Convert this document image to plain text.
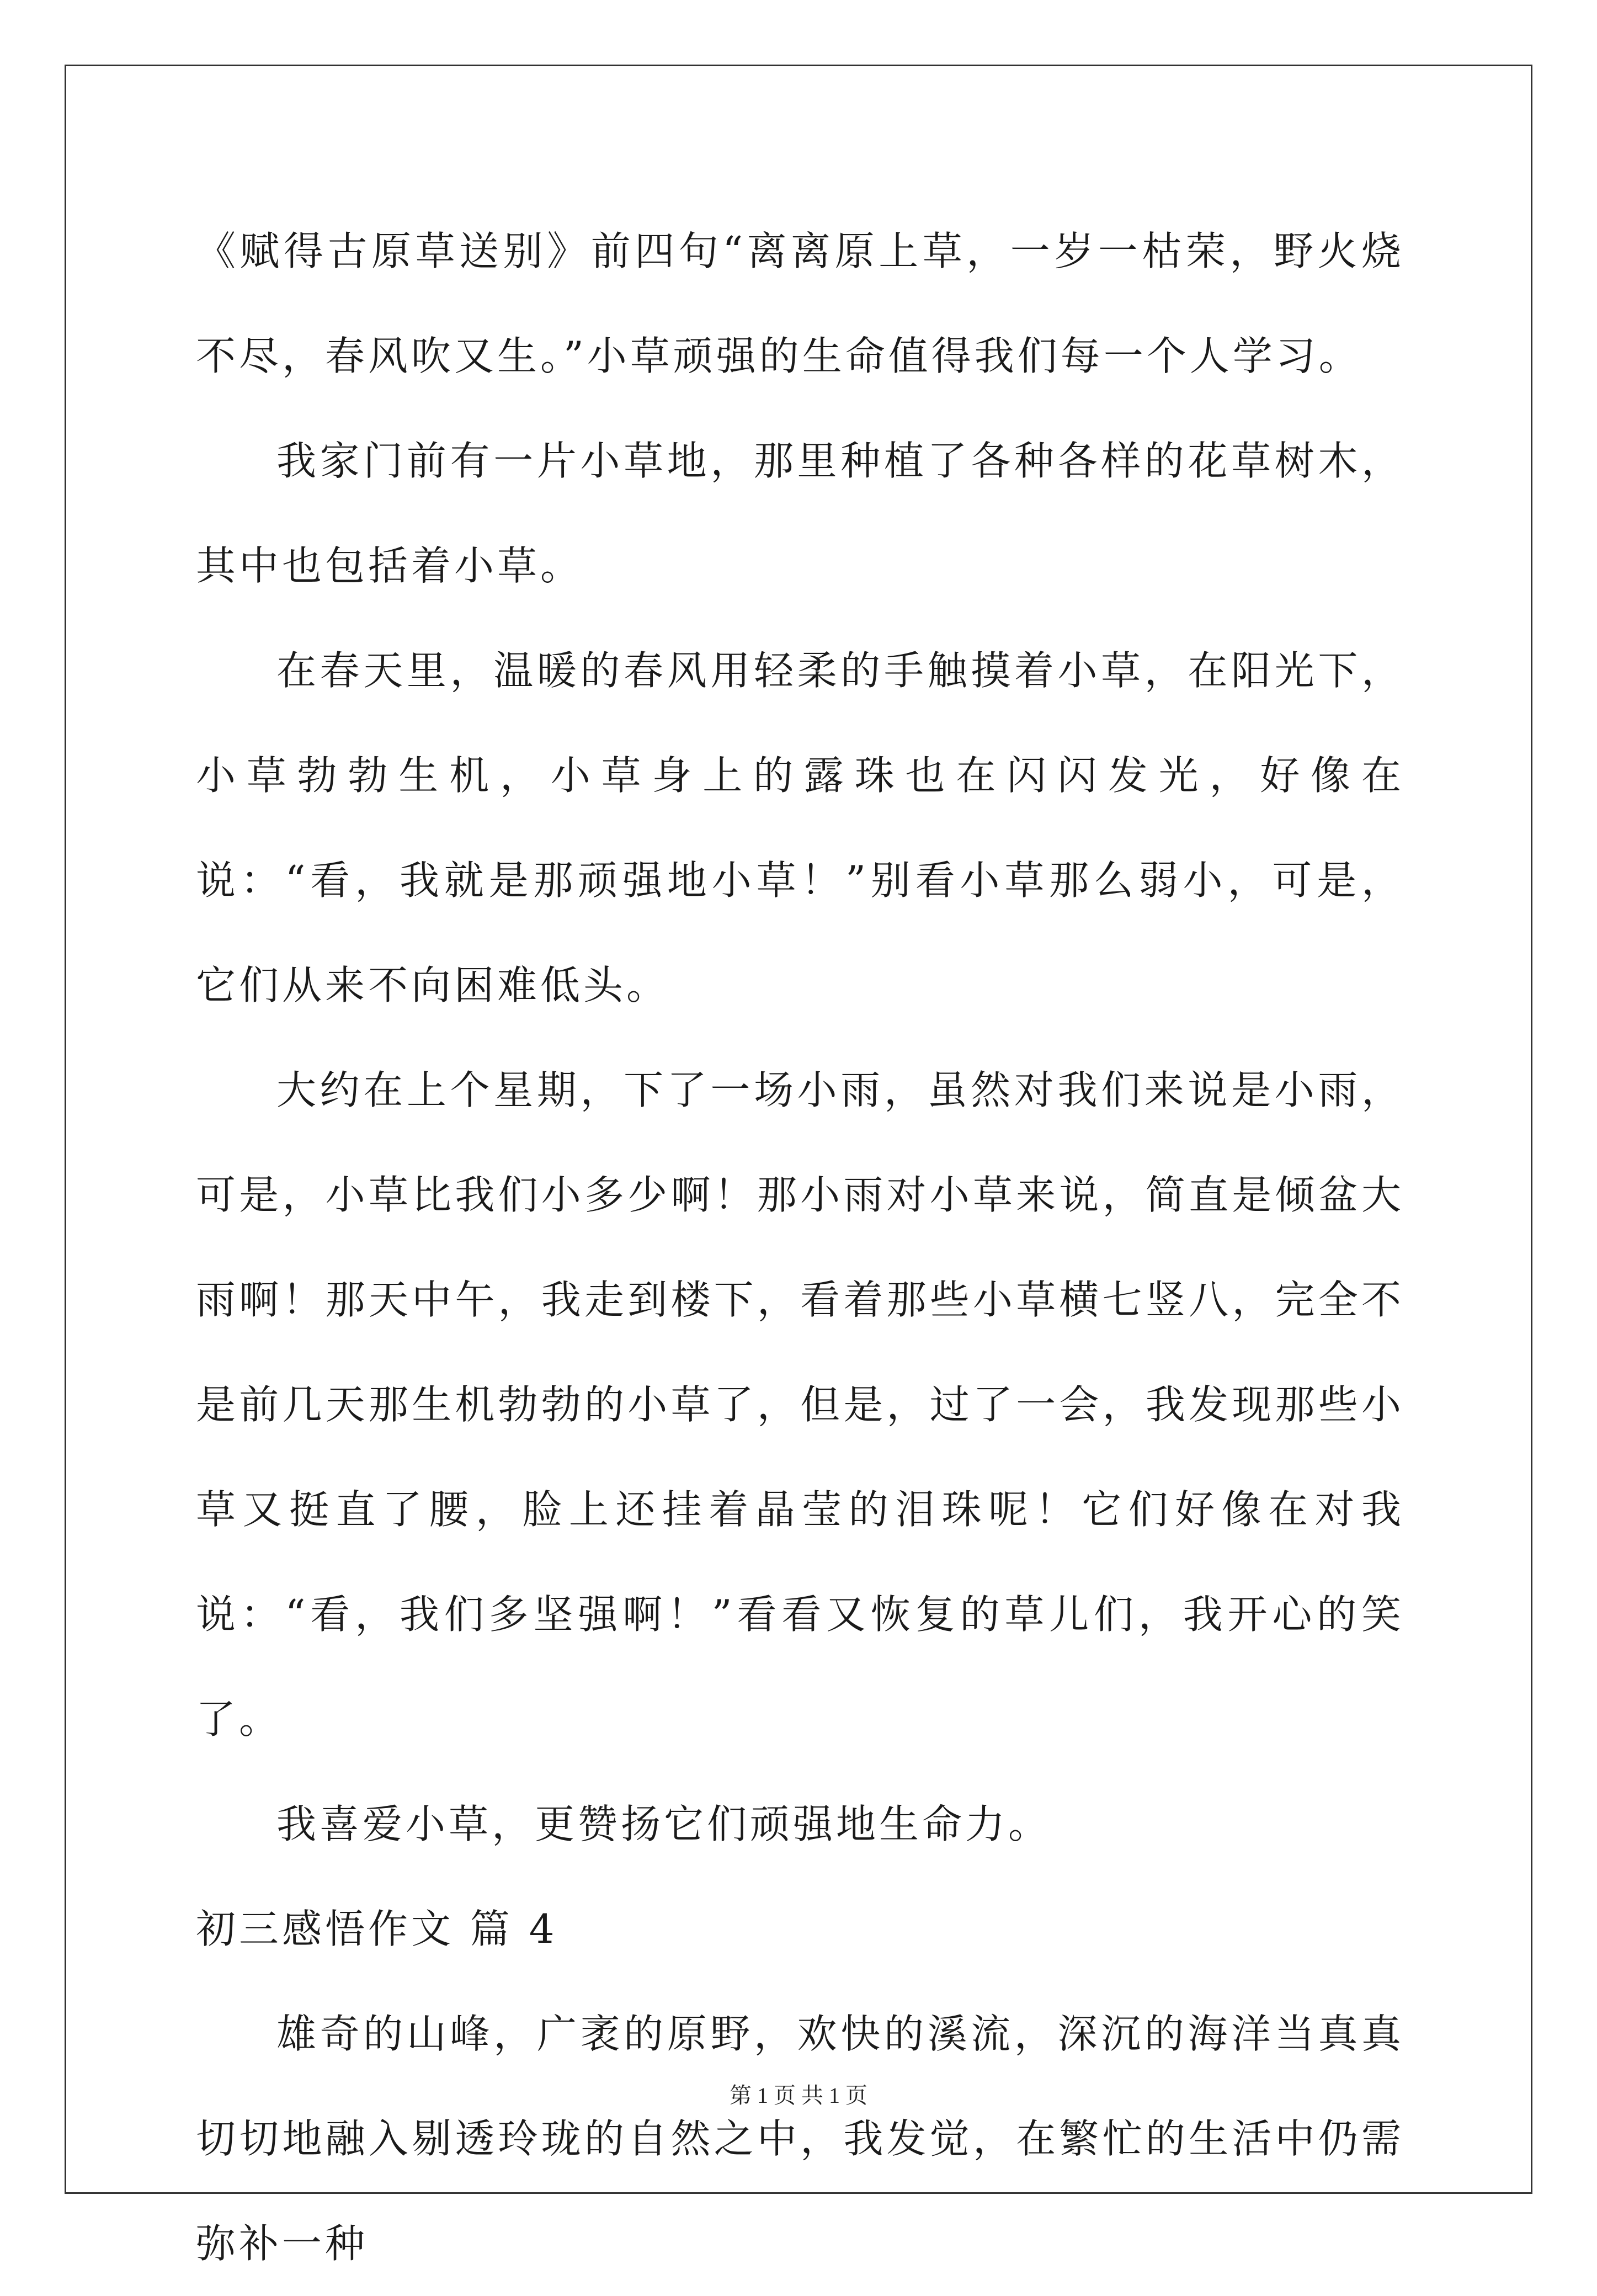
《赋得古原草送别》前四句“离离原上草，一岁一枯荣，野火烧不尽，春风吹又生。”小草顽强的生命值得我们每一个人学习。

我家门前有一片小草地，那里种植了各种各样的花草树木，其中也包括着小草。

在春天里，温暖的春风用轻柔的手触摸着小草，在阳光下，小草勃勃生机，小草身上的露珠也在闪闪发光，好像在说：“看，我就是那顽强地小草！”别看小草那么弱小，可是，它们从来不向困难低头。

大约在上个星期，下了一场小雨，虽然对我们来说是小雨，可是，小草比我们小多少啊！那小雨对小草来说，简直是倾盆大雨啊！那天中午，我走到楼下，看着那些小草横七竖八，完全不是前几天那生机勃勃的小草了，但是，过了一会，我发现那些小草又挺直了腰，脸上还挂着晶莹的泪珠呢！它们好像在对我说：“看，我们多坚强啊！”看看又恢复的草儿们，我开心的笑了。

我喜爱小草，更赞扬它们顽强地生命力。

初三感悟作文 篇 4

雄奇的山峰，广袤的原野，欢快的溪流，深沉的海洋当真真切切地融入剔透玲珑的自然之中，我发觉，在繁忙的生活中仍需弥补一种

第 1 页 共 1 页
